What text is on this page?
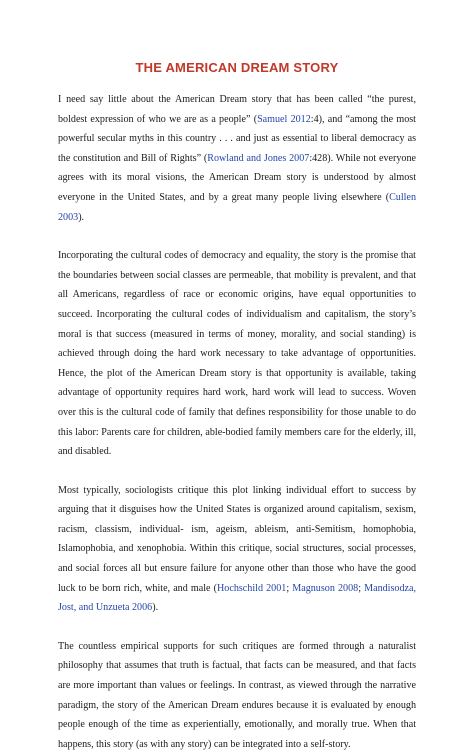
THE AMERICAN DREAM STORY

I need say little about the American Dream story that has been called “the purest, boldest expression of who we are as a people” (Samuel 2012:4), and “among the most powerful secular myths in this country . . . and just as essential to liberal democracy as the constitution and Bill of Rights” (Rowland and Jones 2007:428). While not everyone agrees with its moral visions, the American Dream story is understood by almost everyone in the United States, and by a great many people living elsewhere (Cullen 2003).

Incorporating the cultural codes of democracy and equality, the story is the promise that the boundaries between social classes are permeable, that mobility is prevalent, and that all Americans, regardless of race or economic origins, have equal opportunities to succeed. Incorporating the cultural codes of individualism and capitalism, the story’s moral is that success (measured in terms of money, morality, and social standing) is achieved through doing the hard work necessary to take advantage of opportunities. Hence, the plot of the American Dream story is that opportunity is available, taking advantage of opportunity requires hard work, hard work will lead to success. Woven over this is the cultural code of family that defines responsibility for those unable to do this labor: Parents care for children, able-bodied family members care for the elderly, ill, and disabled.

Most typically, sociologists critique this plot linking individual effort to success by arguing that it disguises how the United States is organized around capitalism, sexism, racism, classism, individual- ism, ageism, ableism, anti-Semitism, homophobia, Islamophobia, and xenophobia. Within this critique, social structures, social processes, and social forces all but ensure failure for anyone other than those who have the good luck to be born rich, white, and male (Hochschild 2001; Magnuson 2008; Mandisodza, Jost, and Unzueta 2006).

The countless empirical supports for such critiques are formed through a naturalist philosophy that assumes that truth is factual, that facts can be measured, and that facts are more important than values or feelings. In contrast, as viewed through the narrative paradigm, the story of the American Dream endures because it is evaluated by enough people enough of the time as experientially, emotionally, and morally true. When that happens, this story (as with any story) can be integrated into a self-story.
